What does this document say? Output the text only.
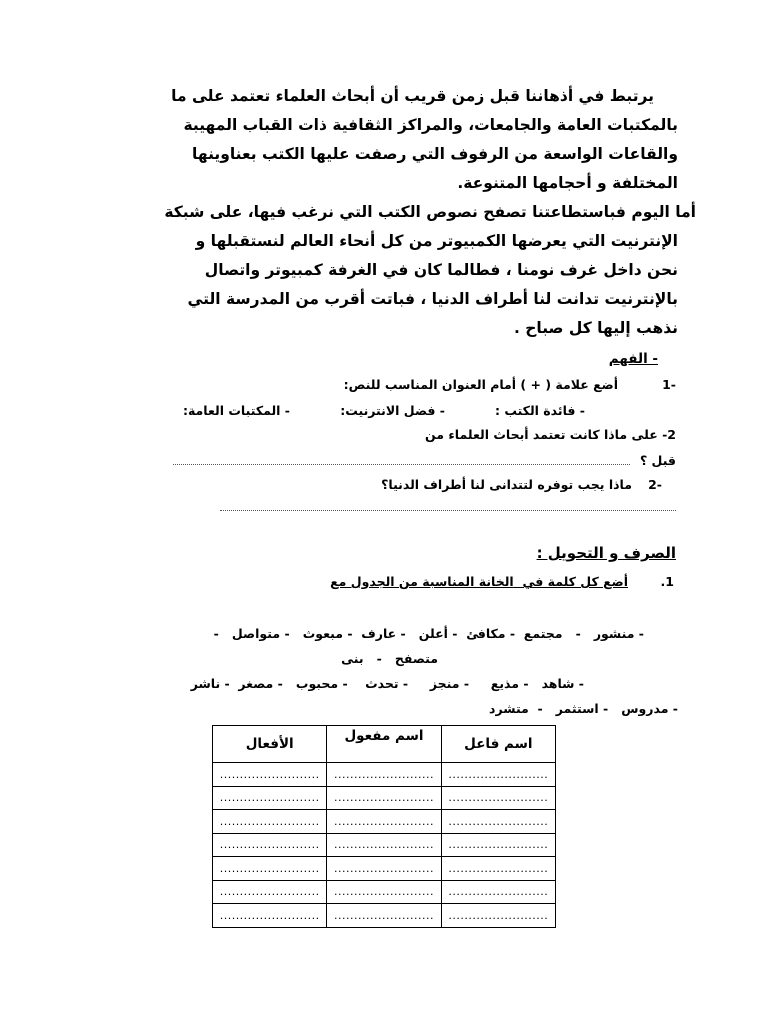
يرتبط في أذهاننا قبل زمن قريب أن أبحاث العلماء تعتمد على ما
بالمكتبات العامة والجامعات، والمراكز الثقافية ذات القباب المهيبة
والقاعات الواسعة من الرفوف التي رصفت عليها الكتب بعناوينها
المختلفة و أحجامها المتنوعة.
أما اليوم فباستطاعتنا تصفح نصوص الكتب التي نرغب فيها، على شبكة
الإنترنيت التي يعرضها الكمبيوتر من كل أنحاء العالم لنستقبلها و
نحن داخل غرف نومنا ، فطالما كان في الغرفة كمبيوتر واتصال
بالإنترنيت تدانت لنا أطراف الدنيا ، فباتت أقرب من المدرسة التي
نذهب إليها كل صباح .
- الفهم
-1
أضع علامة ( + ) أمام العنوان المناسب للنص:
- فائدة الكتب :
- فضل الانترنيت:
- المكتبات العامة:
2- على ماذا كانت تعتمد أبحاث العلماء من
قبل ؟
-2
ماذا يجب توفره لتتدانى لنا أطراف الدنيا؟
الصرف و التحويل :
1.
أضع كل كلمة في  الخانة المناسبة من الجدول مع
- منشور   -   مجتمع  - مكافئ  - أعلن   - عارف  - مبعوث   - متواصل   -
متصفح   -   بنى
- شاهد   - مذيع     - منجز     - تحدث    - محبوب   - مصغر  - ناشر
- مدروس   - استثمر   -  متشرد
اسم فاعل	اسم مفعول	الأفعال
.........................	.........................	.........................
.........................	.........................	.........................
.........................	.........................	.........................
.........................	.........................	.........................
.........................	.........................	.........................
.........................	.........................	.........................
.........................	.........................	.........................
